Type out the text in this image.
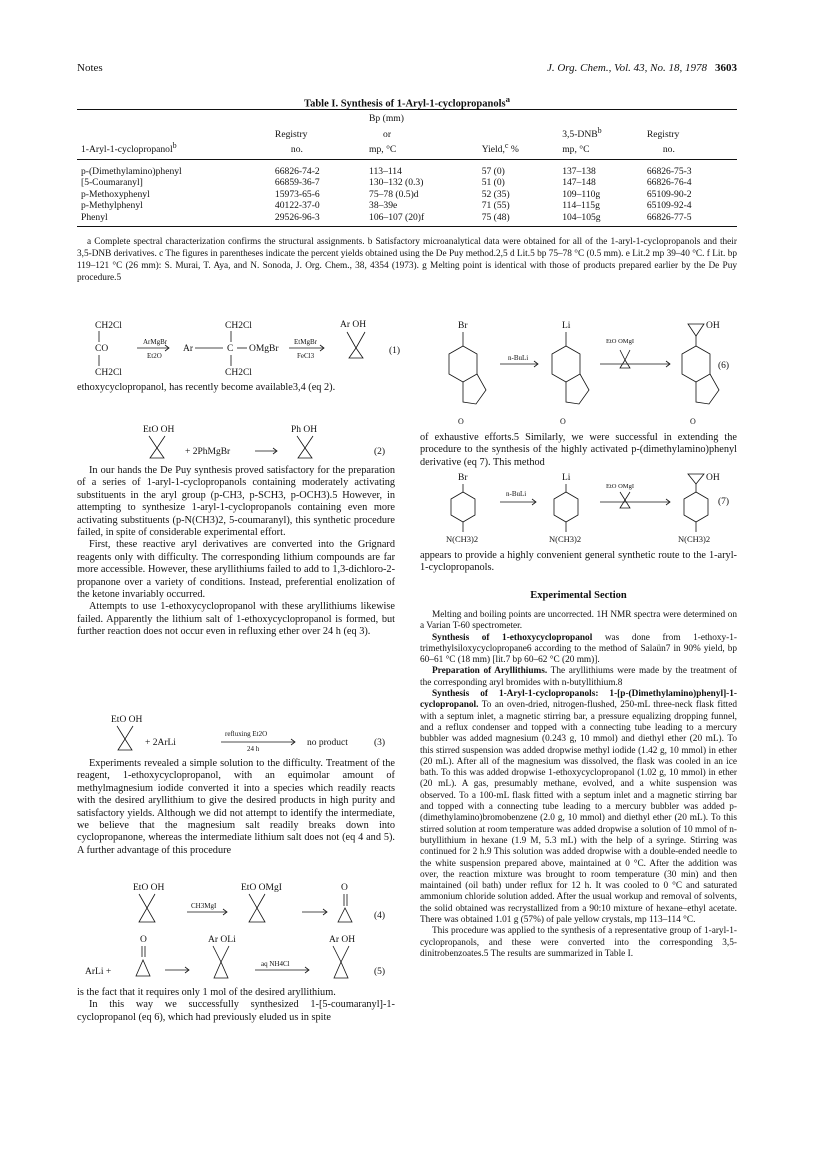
Notes	J. Org. Chem., Vol. 43, No. 18, 1978 3603
Table I. Synthesis of 1-Aryl-1-cyclopropanols$^a$
		Bp (mm)			
	Registry	or		3,5-DNB$^b$	Registry
1-Aryl-1-cyclopropanol$^b$	no.	mp, °C	Yield,$^c$ %	mp, °C	no.
p-(Dimethylamino)phenyl	66826-74-2	113–114	57 (0)	137–138	66826-75-3
[5-Coumaranyl]	66859-36-7	130–132 (0.3)	51 (0)	147–148	66826-76-4
p-Methoxyphenyl	15973-65-6	75–78 (0.5)d	52 (35)	109–110g	65109-90-2
p-Methylphenyl	40122-37-0	38–39e	71 (55)	114–115g	65109-92-4
Phenyl	29526-96-3	106–107 (20)f	75 (48)	104–105g	66826-77-5
a Complete spectral characterization confirms the structural assignments. b Satisfactory microanalytical data were obtained for all of the 1-aryl-1-cyclopropanols and their 3,5-DNB derivatives. c The figures in parentheses indicate the percent yields obtained using the De Puy method.2,5 d Lit.5 bp 75–78 °C (0.5 mm). e Lit.2 mp 39–40 °C. f Lit. bp 119–121 °C (26 mm): S. Murai, T. Aya, and N. Sonoda, J. Org. Chem., 38, 4354 (1973). g Melting point is identical with those of products prepared earlier by the De Puy procedure.5
CH2Cl
CO
CH2Cl
ArMgBr
Et2O
Ar
CH2Cl
C OMgBr
CH2Cl
EtMgBr
FeCl3
Ar OH
(1)

ethoxycyclopropanol, has recently become available3,4 (eq 2).

EtO OH
+ 2PhMgBr
Ph OH
(2)

In our hands the De Puy synthesis proved satisfactory for the preparation of a series of 1-aryl-1-cyclopropanols containing moderately activating substituents in the aryl group (p-CH3, p-SCH3, p-OCH3).5 However, in attempting to synthesize 1-aryl-1-cyclopropanols containing even more activating substituents (p-N(CH3)2, 5-coumaranyl), this synthetic procedure failed, in spite of considerable experimental effort.

First, these reactive aryl derivatives are converted into the Grignard reagents only with difficulty. The corresponding lithium compounds are far more accessible. However, these aryllithiums failed to add to 1,3-dichloro-2-propanone over a variety of conditions. Instead, preferential enolization of the ketone invariably occurred.

Attempts to use 1-ethoxycyclopropanol with these aryllithiums likewise failed. Apparently the lithium salt of 1-ethoxycyclopropanol is formed, but further reaction does not occur even in refluxing ether over 24 h (eq 3).

EtO OH
+ 2ArLi
refluxing Et2O
24 h
no product	(3)

Experiments revealed a simple solution to the difficulty. Treatment of the reagent, 1-ethoxycyclopropanol, with an equimolar amount of methylmagnesium iodide converted it into a species which readily reacts with the desired aryllithium to give the desired products in high purity and satisfactory yields. Although we did not attempt to identify the intermediate, we believe that the magnesium salt readily breaks down into cyclopropanone, whereas the intermediate lithium salt does not (eq 4 and 5). A further advantage of this procedure

EtO OH
CH3MgI
EtO OMgI	O
(4)
ArLi +
O	Ar OLi
aq NH4Cl
Ar OH
(5)

is the fact that it requires only 1 mol of the desired aryllithium.

In this way we successfully synthesized 1-[5-coumaranyl]-1-cyclopropanol (eq 6), which had previously eluded us in spite

Br	Li	OH
(6)
n-BuLi
EtO OMgI
O	O	O

of exhaustive efforts.5 Similarly, we were successful in extending the procedure to the synthesis of the highly activated p-(dimethylamino)phenyl derivative (eq 7). This method

Br	Li	OH
(7)
n-BuLi
EtO OMgI
N(CH3)2	N(CH3)2	N(CH3)2

appears to provide a highly convenient general synthetic route to the 1-aryl-1-cyclopropanols.

Experimental Section

Melting and boiling points are uncorrected. 1H NMR spectra were determined on a Varian T-60 spectrometer.

Synthesis of 1-ethoxycyclopropanol was done from 1-ethoxy-1-trimethylsiloxycyclopropane6 according to the method of Salaün7 in 90% yield, bp 60–61 °C (18 mm) [lit.7 bp 60–62 °C (20 mm)].

Preparation of Aryllithiums. The aryllithiums were made by the treatment of the corresponding aryl bromides with n-butyllithium.8

Synthesis of 1-Aryl-1-cyclopropanols: 1-[p-(Dimethylamino)phenyl]-1-cyclopropanol. To an oven-dried, nitrogen-flushed, 250-mL three-neck flask fitted with a septum inlet, a magnetic stirring bar, a pressure equalizing dropping funnel, and a reflux condenser and topped with a connecting tube leading to a mercury bubbler was added magnesium (0.243 g, 10 mmol) and diethyl ether (20 mL). To this stirred suspension was added dropwise methyl iodide (1.42 g, 10 mmol) in ether (20 mL). After all of the magnesium was dissolved, the flask was cooled in an ice bath. To this was added dropwise 1-ethoxycyclopropanol (1.02 g, 10 mmol) in ether (20 mL). A gas, presumably methane, evolved, and a white suspension was observed. To a 100-mL flask fitted with a septum inlet and a magnetic stirring bar and topped with a connecting tube leading to a mercury bubbler was added p-(dimethylamino)bromobenzene (2.0 g, 10 mmol) and diethyl ether (20 mL). To this stirred solution at room temperature was added dropwise a solution of 10 mmol of n-butyllithium in hexane (1.9 M, 5.3 mL) with the help of a syringe. Stirring was continued for 2 h.9 This solution was added dropwise with a double-ended needle to the white suspension prepared above, maintained at 0 °C. After the addition was over, the reaction mixture was brought to room temperature (30 min) and then maintained (oil bath) under reflux for 12 h. It was cooled to 0 °C and saturated ammonium chloride solution added. After the usual workup and removal of solvents, the solid obtained was recrystallized from a 90:10 mixture of hexane–ethyl acetate. There was obtained 1.01 g (57%) of pale yellow crystals, mp 113–114 °C.

This procedure was applied to the synthesis of a representative group of 1-aryl-1-cyclopropanols, and these were converted into the corresponding 3,5-dinitrobenzoates.5 The results are summarized in Table I.
